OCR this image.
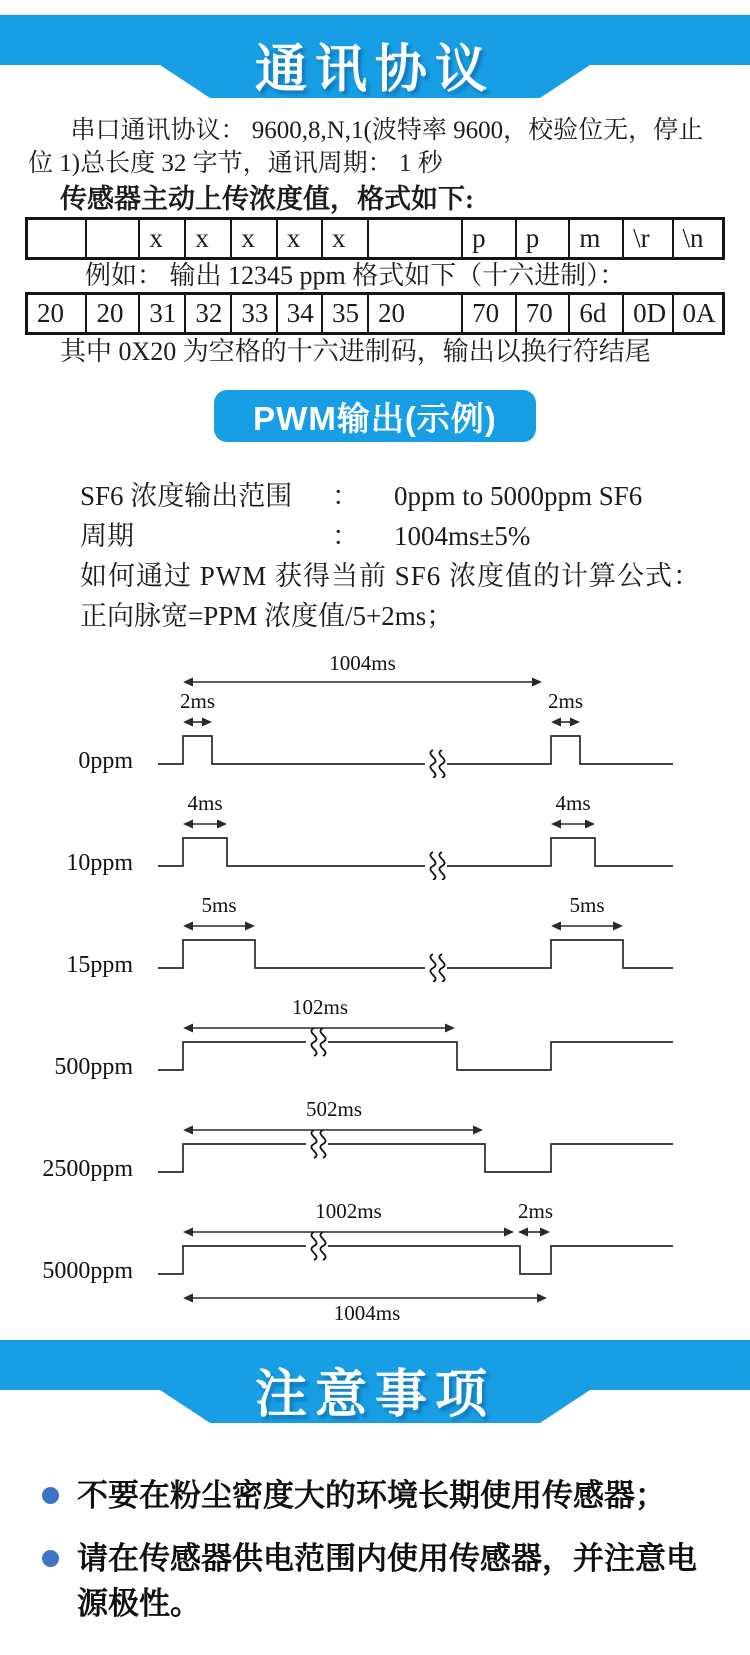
通讯协议
串口通讯协议： 9600,8,N,1(波特率 9600，校验位无，停止位 1)总长度 32 字节，通讯周期： 1 秒
传感器主动上传浓度值，格式如下:
		x	x	x	x	x		p	p	m	\r	\n
例如： 输出 12345 ppm 格式如下（十六进制）：
20	20	31	32	33	34	35	20	70	70	6d	0D	0A
其中 0X20 为空格的十六进制码，输出以换行符结尾
PWM输出(示例)
SF6 浓度输出范围	：	0ppm to 5000ppm SF6
周期	：	1004ms±5%
如何通过 PWM 获得当前 SF6 浓度值的计算公式：
正向脉宽=PPM 浓度值/5+2ms；
0ppm
1004ms
2ms	2ms
10ppm
4ms	4ms
15ppm
5ms	5ms
500ppm
102ms
2500ppm
502ms
5000ppm
1002ms	2ms
1004ms
注意事项
不要在粉尘密度大的环境长期使用传感器；
请在传感器供电范围内使用传感器，并注意电源极性。
